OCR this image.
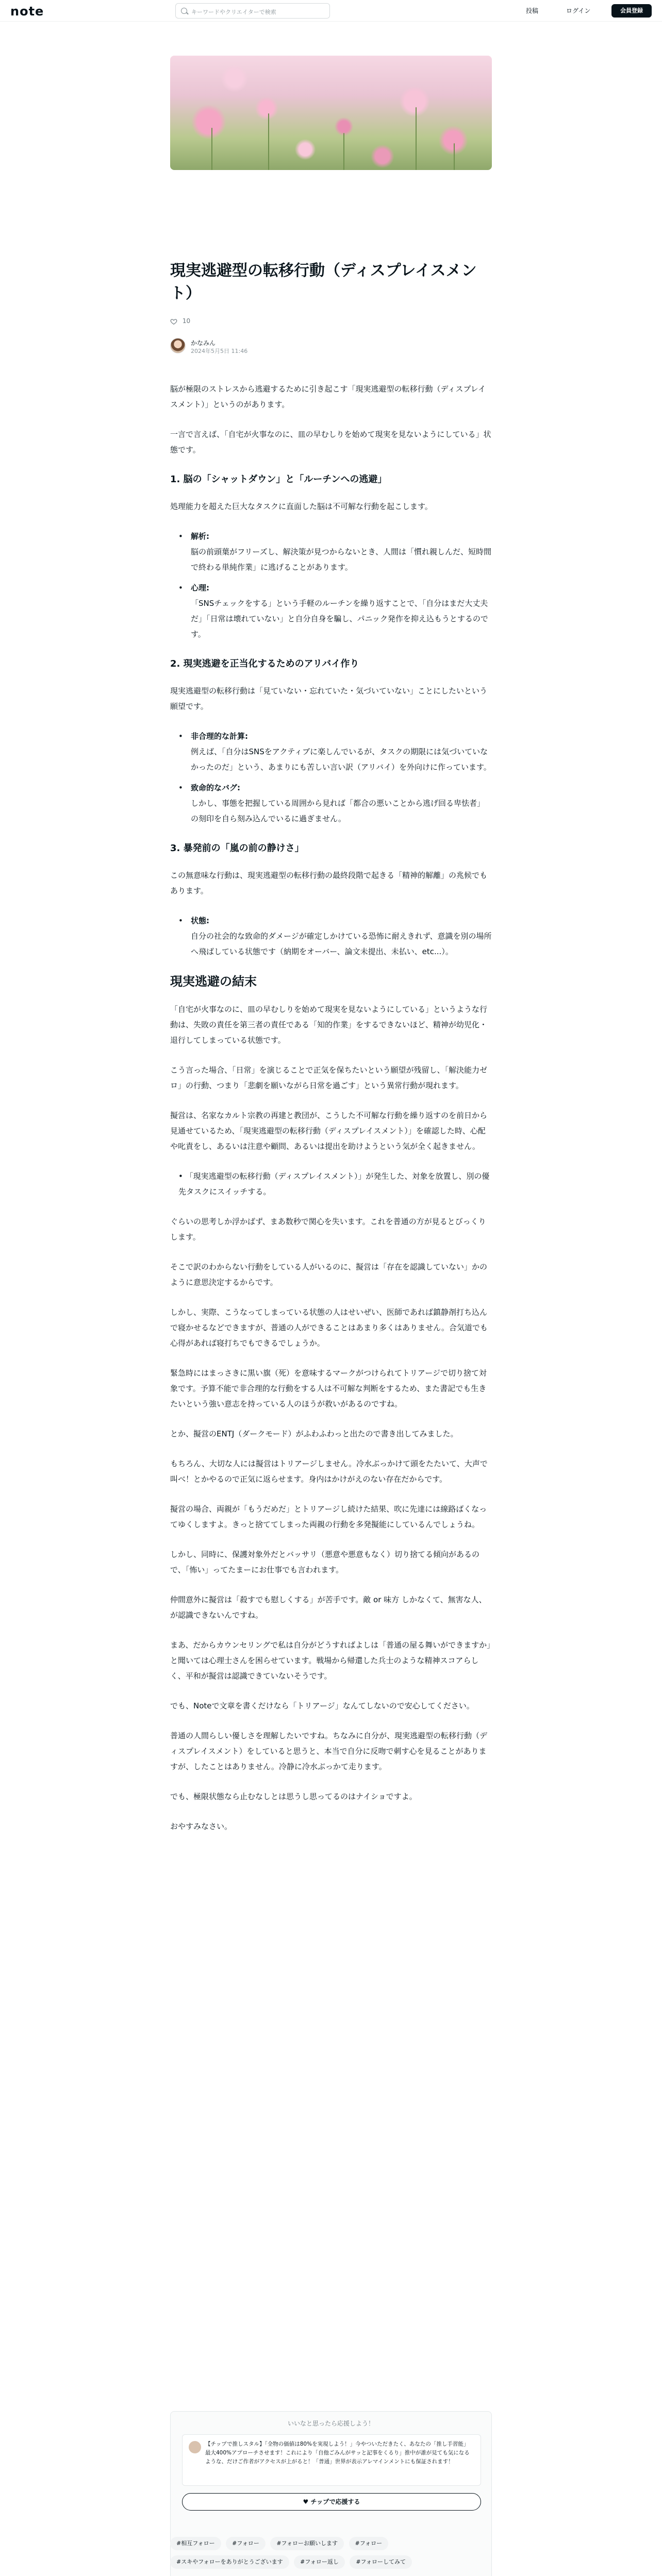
note	キーワードやクリエイターで検索	投稿	ログイン	会員登録
現実逃避型の転移行動（ディスプレイスメント）
10
かなみん
2024年5月5日 11:46

脳が極限のストレスから逃避するために引き起こす「現実逃避型の転移行動（ディスプレイスメント）」というのがあります。

一言で言えば、「自宅が火事なのに、皿の早むしりを始めて現実を見ないようにしている」状態です。

1. 脳の「シャットダウン」と「ルーチンへの逃避」

処理能力を超えた巨大なタスクに直面した脳は不可解な行動を起こします。

• 解析:
脳の前頭葉がフリーズし、解決策が見つからないとき、人間は「慣れ親しんだ、短時間で終わる単純作業」に逃げることがあります。
• 心理:
「SNSチェックをする」という手軽のルーチンを繰り返すことで、「自分はまだ大丈夫だ」「日常は壊れていない」と自分自身を騙し、パニック発作を抑え込もうとするのです。
2. 現実逃避を正当化するためのアリバイ作り

現実逃避型の転移行動は「見ていない・忘れていた・気づいていない」ことにしたいという願望です。

• 非合理的な計算:
例えば、「自分はSNSをアクティブに楽しんでいるが、タスクの期限には気づいていなかったのだ」という、あまりにも苦しい言い訳（アリバイ）を外向けに作っています。
• 致命的なバグ:
しかし、事態を把握している周囲から見れば「都合の悪いことから逃げ回る卑怯者」の刻印を自ら刻み込んでいるに過ぎません。
3. 暴発前の「嵐の前の静けさ」

この無意味な行動は、現実逃避型の転移行動の最終段階で起きる「精神的解離」の兆候でもあります。

• 状態:
自分の社会的な致命的ダメージが確定しかけている恐怖に耐えきれず、意識を別の場所へ飛ばしている状態です（納期をオーバー、論文未提出、未払い、etc...）。
現実逃避の結末

「自宅が火事なのに、皿の早むしりを始めて現実を見ないようにしている」というような行動は、失敗の責任を第三者の責任である「知的作業」をするできないほど、精神が幼児化・退行してしまっている状態です。

こう言った場合、「日常」を演じることで正気を保ちたいという願望が残留し、「解決能力ゼロ」の行動、つまり「悲劇を願いながら日常を過ごす」という異常行動が現れます。

擬営は、名家なカルト宗教の再建と教団が、こうした不可解な行動を繰り返すのを前日から見通せているため、「現実逃避型の転移行動（ディスプレイスメント）」を確認した時、心配や叱責をし、あるいは注意や顧問、あるいは提出を助けようという気が全く起きません。

• 「現実逃避型の転移行動（ディスプレイスメント）」が発生した、対象を放置し、別の優先タスクにスイッチする。

ぐらいの思考しか浮かばず、まあ数秒で関心を失います。これを普通の方が見るとびっくりします。

そこで訳のわからない行動をしている人がいるのに、擬営は「存在を認識していない」かのように意思決定するからです。

しかし、実際、こうなってしまっている状態の人はせいぜい、医師であれば鎮静剤打ち込んで寝かせるなどできますが、普通の人ができることはあまり多くはありません。合気道でも心得があれば寝打ちでもできるでしょうか。

緊急時にはまっさきに黒い旗（死）を意味するマークがつけられてトリアージで切り捨て対象です。予算不能で非合理的な行動をする人は不可解な判断をするため、また書記でも生きたいという強い意志を持っている人のほうが救いがあるのですね。

とか、擬営のENTJ（ダークモード）がふわふわっと出たので書き出してみました。

もちろん、大切な人には擬営はトリアージしません。冷水ぶっかけて頭をたたいて、大声で叫べ！とかやるので正気に返らせます。身内はかけがえのない存在だからです。

擬営の場合、両親が「もうだめだ」とトリアージし続けた結果、吹に先達には線路ばくなってゆくしますよ。きっと捨ててしまった両親の行動を多発擬能にしているんでしょうね。

しかし、同時に、保護対象外だとバッサリ（悪意や悪意もなく）切り捨てる傾向があるので、「怖い」ってたまーにお仕事でも言われます。

仲間意外に擬営は「殺すでも慰しくする」が苦手です。敵 or 味方 しかなくて、無害な人、が認識できないんですね。

まあ、だからカウンセリングで私は自分がどうすればよしは「普通の屋る舞いができますか」と聞いては心理士さんを困らせています。戦場から帰還した兵士のような精神スコアらしく、平和が擬営は認識できていないそうです。

でも、Noteで文章を書くだけなら「トリアージ」なんてしないので安心してください。

普通の人間らしい優しさを理解したいですね。ちなみに自分が、現実逃避型の転移行動（ディスプレイスメント）をしていると思うと、本当で自分に反吻で刺す心を見ることがありますが、したことはありません。冷静に冷水ぶっかて走ります。

でも、極限状態なら止むなしとは思うし思ってるのはナイショですよ。

おやすみなさい。

いいなと思ったら応援しよう！
【チップで推しスタル】「全物の価値は80%を実現しよう！」今やついただきたく、あなたの「推し手習能」最大400%アプローチさせます！これにより「自他ごみんがサッと記事をくるり」推中が誰が見ても気になるような、だけご作者がアクセスが上がると！「普通」世界が表示アレマインメントにも保証されます！
♥ チップで応援する
#相互フォロー	#フォロー	#フォローお願いします	#フォロー #スキやフォローをありがとうございます	#フォロー返し	#フォローしてみて
